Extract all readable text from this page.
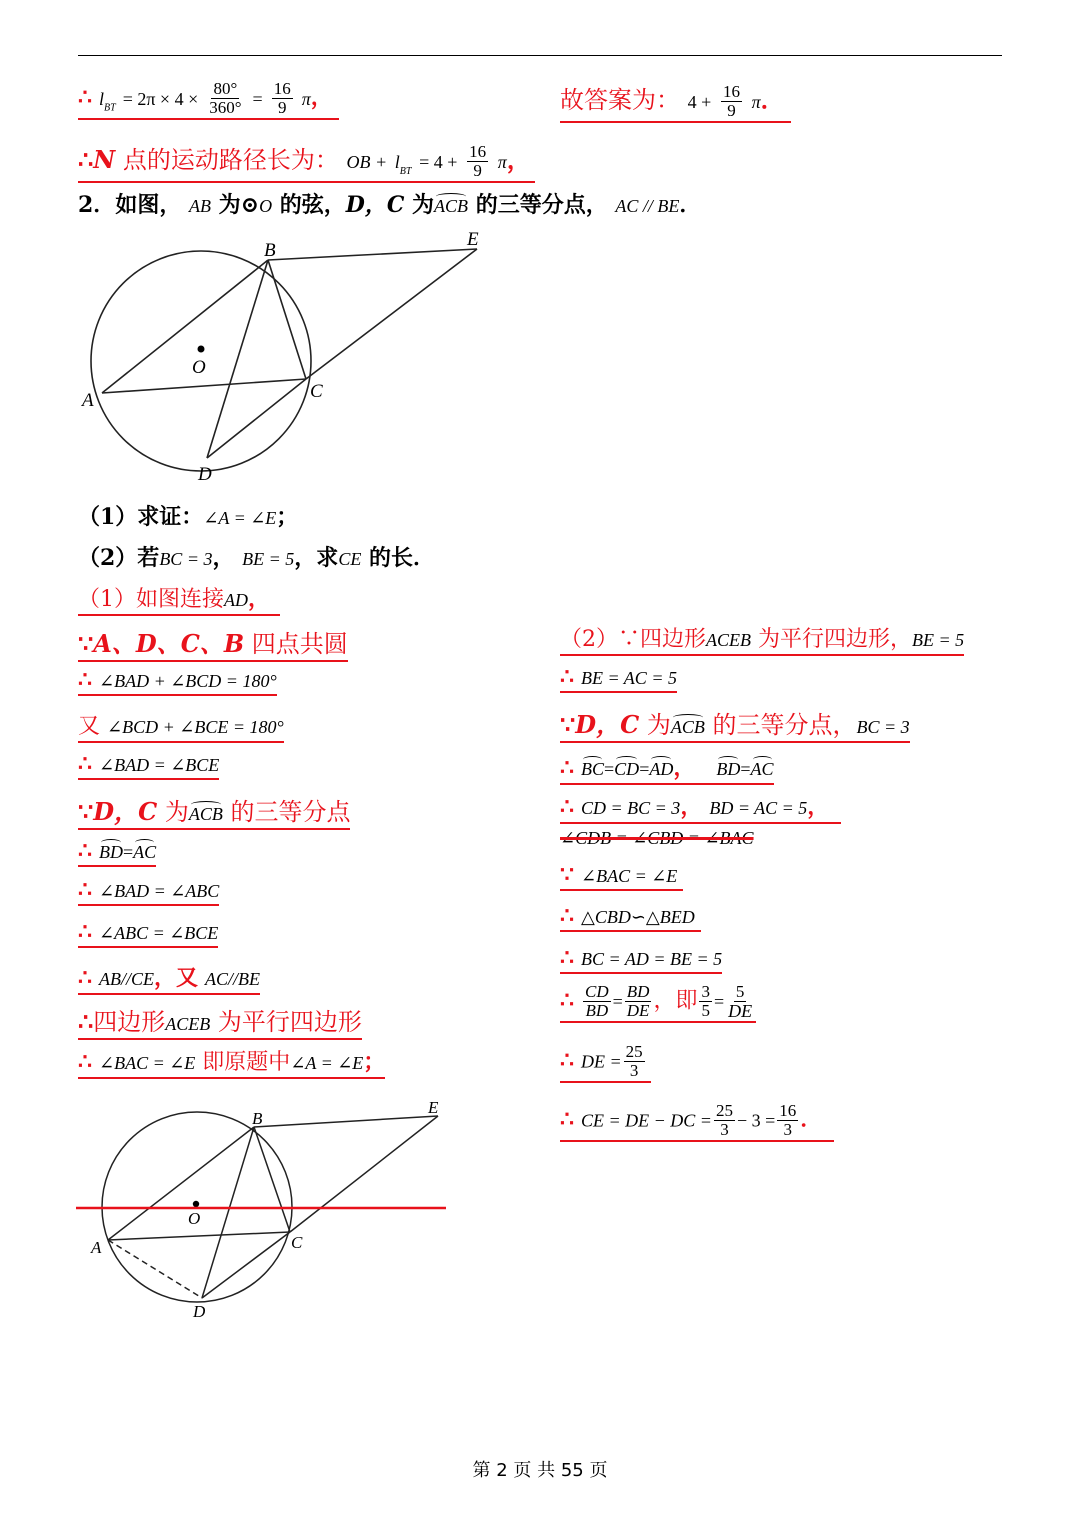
∴ $l_{BT} = 2\pi \times 4 \times \frac{80^\circ}{360^\circ} = \frac{16}{9}$ π，	故答案为： $4 + \frac{16}{9}$ π．
∴N 点的运动路径长为： OB + $l_{BT} = 4 + \frac{16}{9}$ π，
2．如图， AB 为⊙O 的弦，D，C 为ACB 的三等分点， AC // BE．
B
E
O
A	C
D
（1）求证：∠A = ∠E；
（2）若BC = 3， BE = 5，求CE 的长．
（1）如图连接AD，
∵A、D、C、B 四点共圆
∴ ∠BAD + ∠BCD = 180°
又 ∠BCD + ∠BCE = 180°
∴ ∠BAD = ∠BCE
∵D，C 为ACB 的三等分点
∴ BD=AC
∴ ∠BAD = ∠ABC
∴ ∠ABC = ∠BCE
∴ AB//CE，又 AC//BE
∴四边形ACEB 为平行四边形
∴ ∠BAC = ∠E 即原题中∠A = ∠E；
B
E
O
A	C
D
（2）∵四边形ACEB 为平行四边形，BE = 5
∴ BE = AC = 5
∵D，C 为ACB 的三等分点，BC = 3
∴ BC=CD=AD， BD=AC
∴ CD = BC = 3， BD = AC = 5，
∠CDB = ∠CBD = ∠BAC
∵ ∠BAC = ∠E
∴ △CBD∽△BED
∴ BC = AD = BE = 5
∴ $\frac{CD}{BD} = \frac{BD}{DE}$ ，即 $\frac{3}{5} = \frac{5}{DE}$
∴ DE = $\frac{25}{3}$
∴ CE = DE − DC = $\frac{25}{3} - 3 = \frac{16}{3}$ ．
第 2 页 共 55 页
